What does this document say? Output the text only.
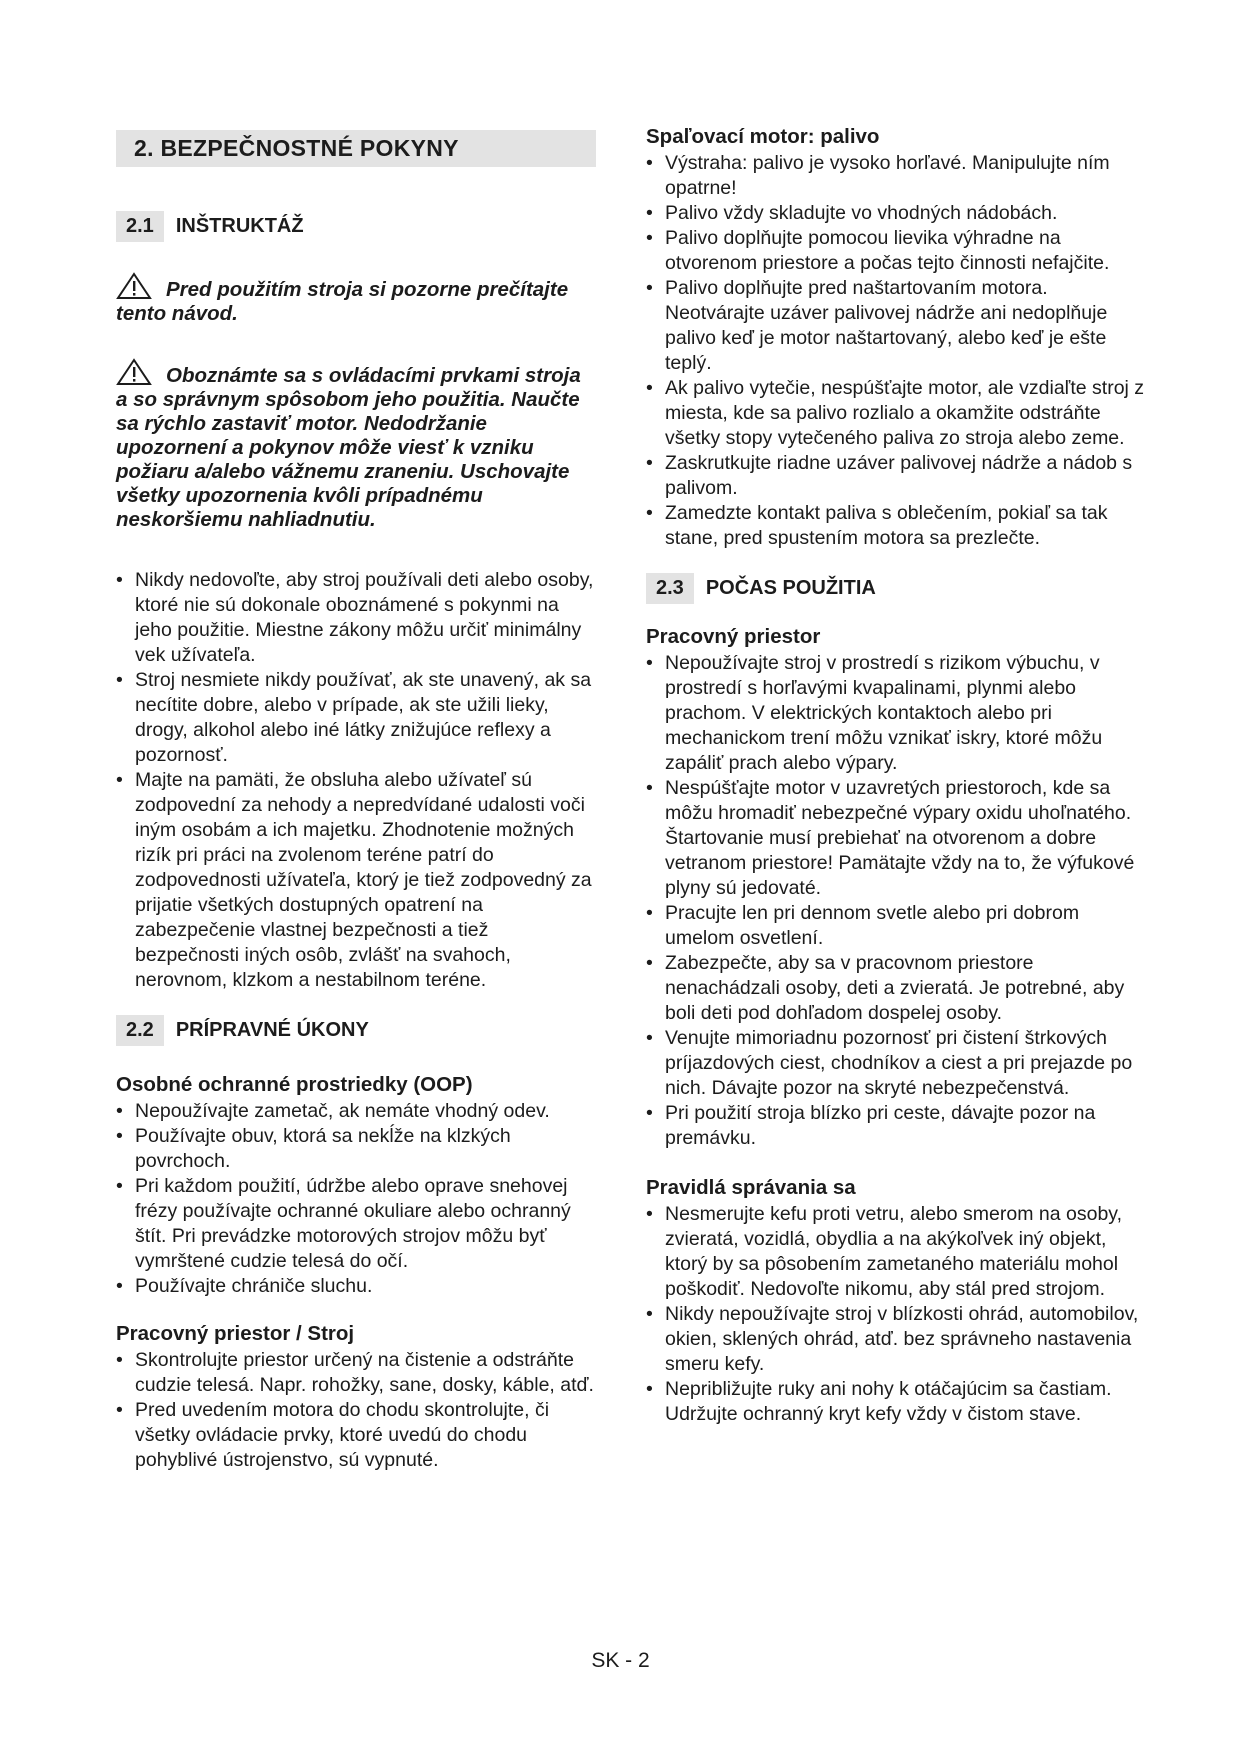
2. BEZPEČNOSTNÉ POKYNY
2.1	INŠTRUKTÁŽ
Pred použitím stroja si pozorne prečítajte tento návod.
Oboznámte sa s ovládacími prvkami stroja a so správnym spôsobom jeho použitia. Naučte sa rýchlo zastaviť motor. Nedodržanie upozornení a pokynov môže viesť k vzniku požiaru a/alebo vážnemu zraneniu. Uschovajte všetky upozornenia kvôli prípadnému neskoršiemu nahliadnutiu.
• Nikdy nedovoľte, aby stroj používali deti alebo osoby, ktoré nie sú dokonale oboznámené s pokynmi na jeho použitie. Miestne zákony môžu určiť minimálny vek užívateľa.
• Stroj nesmiete nikdy používať, ak ste unavený, ak sa necítite dobre, alebo v prípade, ak ste užili lieky, drogy, alkohol alebo iné látky znižujúce reflexy a pozornosť.
• Majte na pamäti, že obsluha alebo užívateľ sú zodpovední za nehody a nepredvídané udalosti voči iným osobám a ich majetku. Zhodnotenie možných rizík pri práci na zvolenom teréne patrí do zodpovednosti užívateľa, ktorý je tiež zodpovedný za prijatie všetkých dostupných opatrení na zabezpečenie vlastnej bezpečnosti a tiež bezpečnosti iných osôb, zvlášť na svahoch, nerovnom, klzkom a nestabilnom teréne.
2.2	PRÍPRAVNÉ ÚKONY
Osobné ochranné prostriedky (OOP)
• Nepoužívajte zametač, ak nemáte vhodný odev.
• Používajte obuv, ktorá sa nekĺže na klzkých povrchoch.
• Pri každom použití, údržbe alebo oprave snehovej frézy používajte ochranné okuliare alebo ochranný štít. Pri prevádzke motorových strojov môžu byť vymrštené cudzie telesá do očí.
• Používajte chrániče sluchu.
Pracovný priestor / Stroj
• Skontrolujte priestor určený na čistenie a odstráňte cudzie telesá. Napr. rohožky, sane, dosky, káble, atď.
• Pred uvedením motora do chodu skontrolujte, či všetky ovládacie prvky, ktoré uvedú do chodu pohyblivé ústrojenstvo, sú vypnuté.
Spaľovací motor: palivo
• Výstraha: palivo je vysoko horľavé. Manipulujte ním opatrne!
• Palivo vždy skladujte vo vhodných nádobách.
• Palivo doplňujte pomocou lievika výhradne na otvorenom priestore a počas tejto činnosti nefajčite.
• Palivo doplňujte pred naštartovaním motora. Neotvárajte uzáver palivovej nádrže ani nedoplňuje palivo keď je motor naštartovaný, alebo keď je ešte teplý.
• Ak palivo vytečie, nespúšťajte motor, ale vzdiaľte stroj z miesta, kde sa palivo rozlialo a okamžite odstráňte všetky stopy vytečeného paliva zo stroja alebo zeme.
• Zaskrutkujte riadne uzáver palivovej nádrže a nádob s palivom.
• Zamedzte kontakt paliva s oblečením, pokiaľ sa tak stane, pred spustením motora sa prezlečte.
2.3	POČAS POUŽITIA
Pracovný priestor
• Nepoužívajte stroj v prostredí s rizikom výbuchu, v prostredí s horľavými kvapalinami, plynmi alebo prachom. V elektrických kontaktoch alebo pri mechanickom trení môžu vznikať iskry, ktoré môžu zapáliť prach alebo výpary.
• Nespúšťajte motor v uzavretých priestoroch, kde sa môžu hromadiť nebezpečné výpary oxidu uhoľnatého. Štartovanie musí prebiehať na otvorenom a dobre vetranom priestore! Pamätajte vždy na to, že výfukové plyny sú jedovaté.
• Pracujte len pri dennom svetle alebo pri dobrom umelom osvetlení.
• Zabezpečte, aby sa v pracovnom priestore nenachádzali osoby, deti a zvieratá. Je potrebné, aby boli deti pod dohľadom dospelej osoby.
• Venujte mimoriadnu pozornosť pri čistení štrkových príjazdových ciest, chodníkov a ciest a pri prejazde po nich. Dávajte pozor na skryté nebezpečenstvá.
• Pri použití stroja blízko pri ceste, dávajte pozor na premávku.
Pravidlá správania sa
• Nesmerujte kefu proti vetru, alebo smerom na osoby, zvieratá, vozidlá, obydlia a na akýkoľvek iný objekt, ktorý by sa pôsobením zametaného materiálu mohol poškodiť. Nedovoľte nikomu, aby stál pred strojom.
• Nikdy nepoužívajte stroj v blízkosti ohrád, automobilov, okien, sklených ohrád, atď. bez správneho nastavenia smeru kefy.
• Nepribližujte ruky ani nohy k otáčajúcim sa častiam. Udržujte ochranný kryt kefy vždy v čistom stave.
SK - 2
